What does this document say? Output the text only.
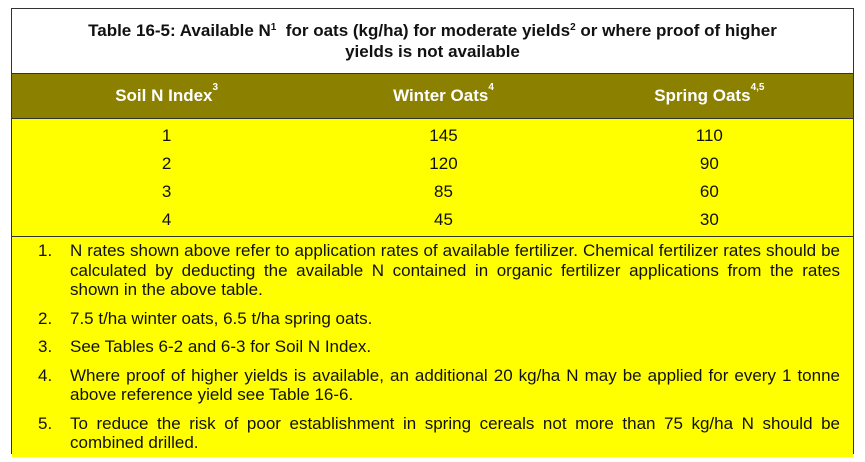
Table 16-5: Available $N^1$  for oats (kg/ha) for moderate yields$^2$ or where proof of higher
yields is not available
Soil N Index$^3$	Winter Oats$^4$	Spring Oats$^{4,5}$
1	145	110
2	120	90
3	85	60
4	45	30
1.	N rates shown above refer to application rates of available fertilizer. Chemical fertilizer rates should be calculated by deducting the available N contained in organic fertilizer applications from the rates shown in the above table.
2.	7.5 t/ha winter oats, 6.5 t/ha spring oats.
3.	See Tables 6-2 and 6-3 for Soil N Index.
4.	Where proof of higher yields is available, an additional 20 kg/ha N may be applied for every 1 tonne above reference yield see Table 16-6.
5.	To reduce the risk of poor establishment in spring cereals not more than 75 kg/ha N should be combined drilled.
